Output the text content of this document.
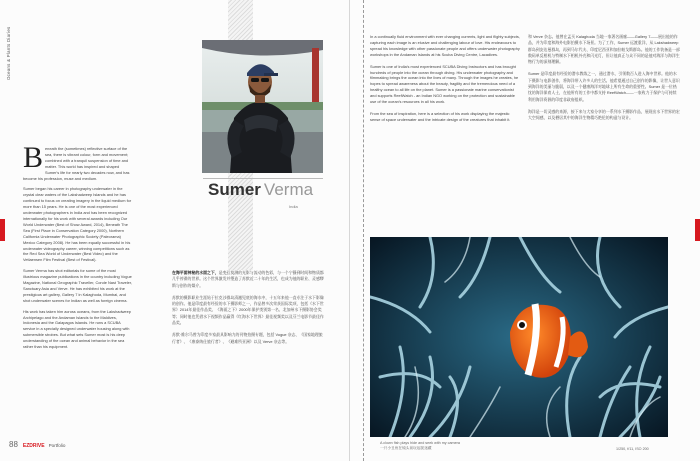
Oceans & Plants Diaries
Sumer Verma
India
B eneath the (sometimes) reflective surface of the sea, there is vibrant colour, form and movement; combined with a tranquil suspension of time and matter. This world has inspired and shaped Sumer's life for nearly two decades now, and has become his profession, muse and medium.

Sumer began his career in photography underwater in the crystal clear waters of the Lakshadweep Islands and he has continued to focus on creating imagery in the liquid medium for more than 15 years. He is one of the most experienced underwater photographers in India and has been recognized internationally for his work with several awards including Our World Underwater (Best of Show Award, 2014), Beneath The Sea (First Place in Conservation Category 2000), Northern California Underwater Photographic Society (Paleorama) Mexico Category 2008). He has been equally successful in his underwater videography career, winning competitions such as the Red Sea World of Underwater (Best Video) and the Vetlaensen Film Festival (Best of Festival).

Sumer Verma has shot editorials for some of the most illustrious magazine publications in the country including Vogue Magazine, National Geographic Traveller, Conde Nast Traveler, Sanctuary Asia and Verve. He has exhibited his work at the prestigious art gallery, Gallery 7 in Kalaghoda, Mumbai, and shot underwater scenes for Indian as well as foreign cinema.

His work has taken him across oceans, from the Lakshadweep Archipelago and the Andaman Islands to the Maldives, Indonesia and the Galapagos Islands. He runs a SCUBA service in a specially designed underwater housing along with submersible strobes. But what sets Sumer most is his deep understanding of the ocean and animal behavior in the sea rather than his equipment.

在海平面神秘的水面之下，是变幻莫测的光影与流动的色彩，与一个宁静到时间和物质都几乎停滞的世界。这个世界激发并塑造了苏默近二十年的生活，也成为他的职业、灵感缪斯与创作的媒介。

苏默的摄影职业生涯始于拉克沙群岛清澈见底的海水中，十五年来他一直专注于水下影像的创作。他是印度最有经验的水下摄影师之一，作品曾多次荣获国际奖项，包括《水下世界》2014年最佳作品奖、《海面之下》2000年保护类别第一名、北加州水下摄影协会奖等；同时他也凭借水下视频作品赢得《红海水下世界》最佳视频奖以及芬兰电影节最佳作品奖。

苏默·维尔马曾为印度多家最具影响力的刊物拍摄专题，包括 Vogue 杂志、《国家地理旅行者》、《康泰纳仕旅行者》、《避难所亚洲》以及 Verve 杂志等。

88 EZDRIVE Portfolio

In a continually fluid environment with ever changing currents, light and flighty subjects, capturing each image is an elusive and challenging labour of love. His endeavours to spread his knowledge with other passionate people and offers underwater photography workshops in the Andaman Islands at his Scuba Diving Centre, Lacadives.

Sumer is one of India's most experienced SCUBA Diving Instructors and has brought hundreds of people into the ocean through diving. His underwater photography and filmmaking brings the ocean into the lives of many. Through the images he creates, he hopes to spread awareness about the beauty, fragility and the tremendous need of a healthy ocean to all life on the planet. Sumer is a passionate marine conservationist and supports ReefWatch - an Indian NGO working on the protection and sustainable use of the ocean's resources in all his work.

From the sea of inspiration, here is a selection of his work displaying the majestic sense of space underwater and the intricate design of the creatures that inhabit it.

和 Verve 杂志。他曾在孟买 Kalaghoda 当地一家著名画廊——Gallery 7——展出他的作品，并为印度和海外电影拍摄水下场景。为了工作，Sumer 远渡重洋，从 Lakshadweep 群岛到安达曼群岛，再到马尔代夫、印度尼西亚和加拉帕戈斯群岛。他的工作装备是一部数码单反相机与特制水下相机外壳和闪光灯，但让他真正与众不同的是他对海洋与海洋生物行为的深刻理解。

Sumer 是印度最有经验的潜水教练之一，通过潜水，引领数百人进入海中世界。他的水下摄影与电影创作，将海洋带入许多人的生活。他希望通过自己创作的影像，让世人意识到海洋的美丽与脆弱，以及一个健康海洋对地球上所有生命的重要性。Sumer 是一位热忱的海洋保育人士，在他所有的工作中都支持 ReefWatch——一家致力于保护与可持续利用海洋资源的印度非政府组织。

海洋是一切灵感的来源，接下来与大家分享的一系列水下摄影作品，展现出水下世界的宏大空间感，以及栖居其中的海洋生物精巧绝伦的构造与设计。

A clown fish plays hide and seek with my camera
一只小丑鱼在镜头前玩起捉迷藏	1/250, f/11, ISO 200
